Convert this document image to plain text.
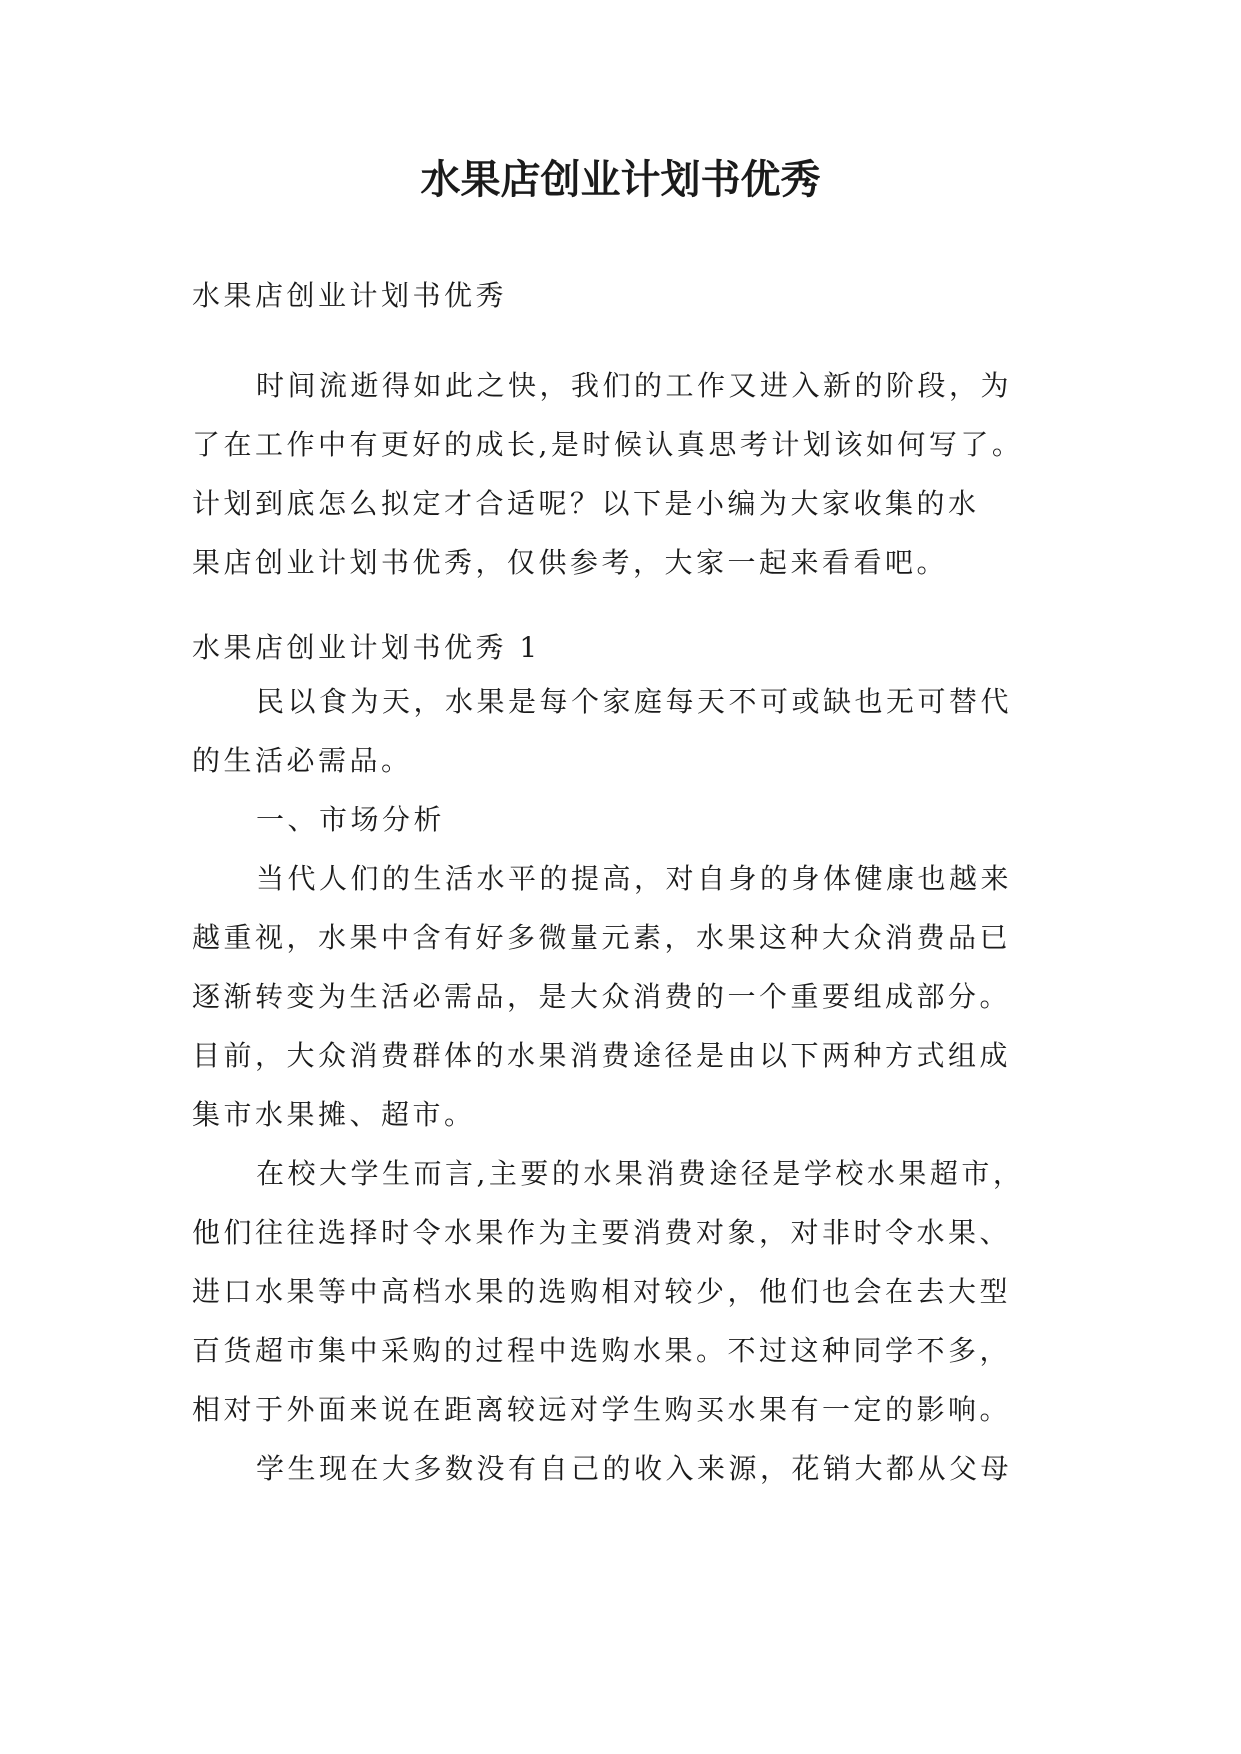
水果店创业计划书优秀

水果店创业计划书优秀

时间流逝得如此之快，我们的工作又进入新的阶段，为
了在工作中有更好的成长,是时候认真思考计划该如何写了。
计划到底怎么拟定才合适呢？以下是小编为大家收集的水
果店创业计划书优秀，仅供参考，大家一起来看看吧。

水果店创业计划书优秀 1

民以食为天，水果是每个家庭每天不可或缺也无可替代
的生活必需品。
一、市场分析
当代人们的生活水平的提高，对自身的身体健康也越来
越重视，水果中含有好多微量元素，水果这种大众消费品已
逐渐转变为生活必需品，是大众消费的一个重要组成部分。
目前，大众消费群体的水果消费途径是由以下两种方式组成
集市水果摊、超市。
在校大学生而言,主要的水果消费途径是学校水果超市，
他们往往选择时令水果作为主要消费对象，对非时令水果、
进口水果等中高档水果的选购相对较少，他们也会在去大型
百货超市集中采购的过程中选购水果。不过这种同学不多，
相对于外面来说在距离较远对学生购买水果有一定的影响。
学生现在大多数没有自己的收入来源，花销大都从父母
